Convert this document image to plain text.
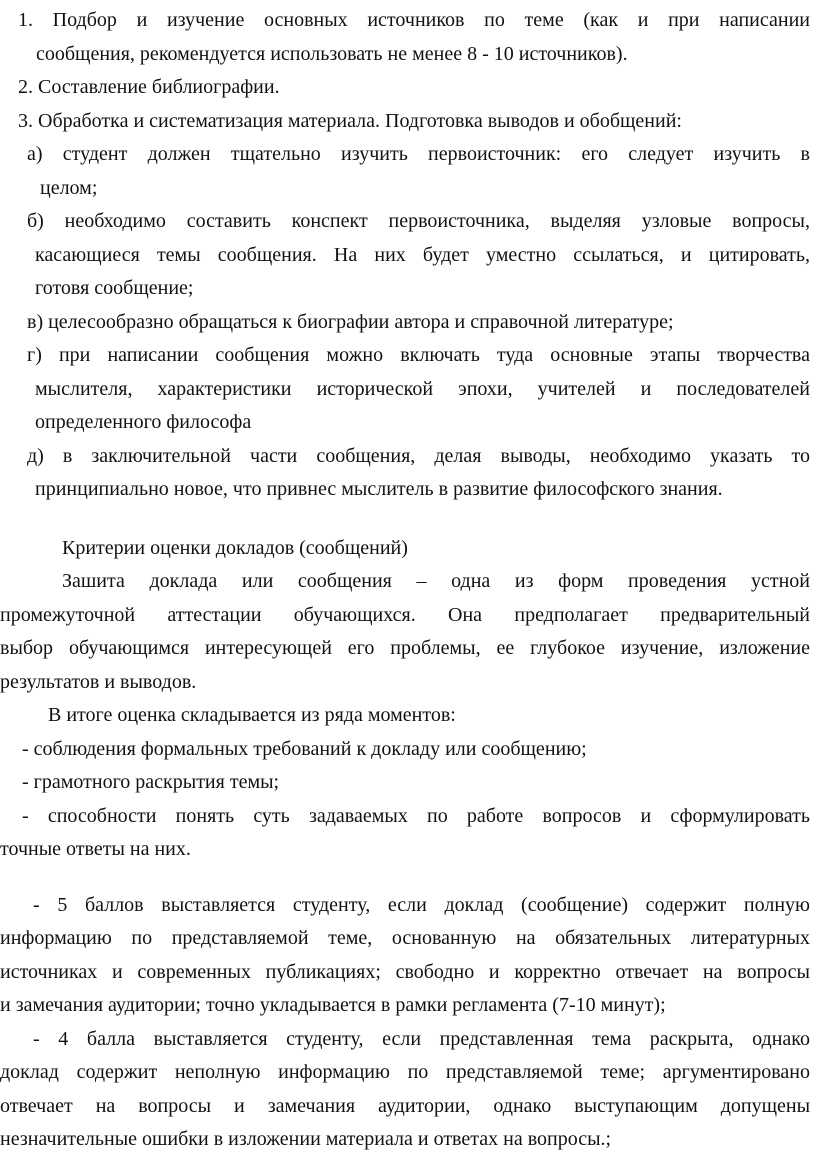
1. Подбор и изучение основных источников по теме (как и при написании

сообщения, рекомендуется использовать не менее 8 - 10 источников).

2. Составление библиографии.

3. Обработка и систематизация материала. Подготовка выводов и обобщений:

а) студент должен тщательно изучить первоисточник: его следует изучить в

целом;

б) необходимо составить конспект первоисточника, выделяя узловые вопросы,

касающиеся темы сообщения. На них будет уместно ссылаться, и цитировать,

готовя сообщение;

в) целесообразно обращаться к биографии автора и справочной литературе;

г) при написании сообщения можно включать туда основные этапы творчества

мыслителя, характеристики исторической эпохи, учителей и последователей

определенного философа

д) в заключительной части сообщения, делая выводы, необходимо указать то

принципиально новое, что привнес мыслитель в развитие философского знания.

Критерии оценки докладов (сообщений)

Зашита доклада или сообщения – одна из форм проведения устной

промежуточной аттестации обучающихся. Она предполагает предварительный

выбор обучающимся интересующей его проблемы, ее глубокое изучение, изложение

результатов и выводов.

В итоге оценка складывается из ряда моментов:

- соблюдения формальных требований к докладу или сообщению;

- грамотного раскрытия темы;

- способности понять суть задаваемых по работе вопросов и сформулировать

точные ответы на них.

- 5 баллов выставляется студенту, если доклад (сообщение) содержит полную

информацию по представляемой теме, основанную на обязательных литературных

источниках и современных публикациях; свободно и корректно отвечает на вопросы

и замечания аудитории; точно укладывается в рамки регламента (7-10 минут);

- 4 балла выставляется студенту, если представленная тема раскрыта, однако

доклад содержит неполную информацию по представляемой теме; аргументировано

отвечает на вопросы и замечания аудитории, однако выступающим допущены

незначительные ошибки в изложении материала и ответах на вопросы.;
